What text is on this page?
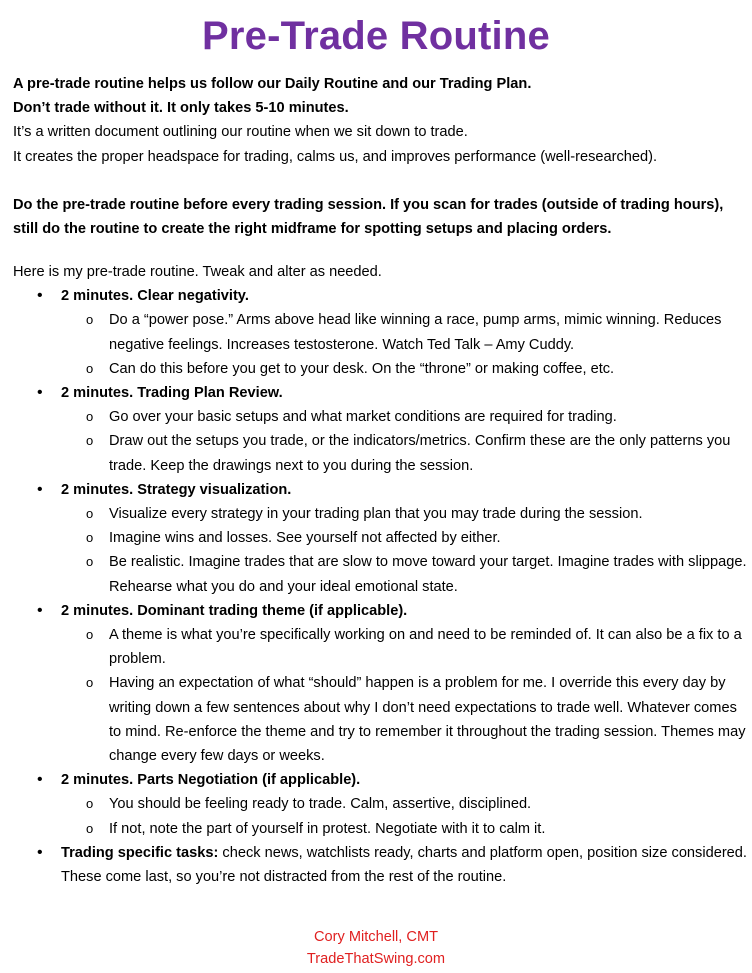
Pre-Trade Routine

A pre-trade routine helps us follow our Daily Routine and our Trading Plan.

Don’t trade without it. It only takes 5-10 minutes.

It’s a written document outlining our routine when we sit down to trade.

It creates the proper headspace for trading, calms us, and improves performance (well-researched).

Do the pre-trade routine before every trading session. If you scan for trades (outside of trading hours), still do the routine to create the right midframe for spotting setups and placing orders.

Here is my pre-trade routine. Tweak and alter as needed.

• 2 minutes. Clear negativity.
o Do a “power pose.” Arms above head like winning a race, pump arms, mimic winning. Reduces negative feelings. Increases testosterone. Watch Ted Talk – Amy Cuddy.
o Can do this before you get to your desk. On the “throne” or making coffee, etc.
• 2 minutes. Trading Plan Review.
o Go over your basic setups and what market conditions are required for trading.
o Draw out the setups you trade, or the indicators/metrics. Confirm these are the only patterns you trade. Keep the drawings next to you during the session.
• 2 minutes. Strategy visualization.
o Visualize every strategy in your trading plan that you may trade during the session.
o Imagine wins and losses. See yourself not affected by either.
o Be realistic. Imagine trades that are slow to move toward your target. Imagine trades with slippage. Rehearse what you do and your ideal emotional state.
• 2 minutes. Dominant trading theme (if applicable).
o A theme is what you’re specifically working on and need to be reminded of. It can also be a fix to a problem.
o Having an expectation of what “should” happen is a problem for me. I override this every day by writing down a few sentences about why I don’t need expectations to trade well. Whatever comes to mind. Re-enforce the theme and try to remember it throughout the trading session. Themes may change every few days or weeks.
• 2 minutes. Parts Negotiation (if applicable).
o You should be feeling ready to trade. Calm, assertive, disciplined.
o If not, note the part of yourself in protest. Negotiate with it to calm it.
• Trading specific tasks: check news, watchlists ready, charts and platform open, position size considered. These come last, so you’re not distracted from the rest of the routine.
Cory Mitchell, CMT
TradeThatSwing.com
